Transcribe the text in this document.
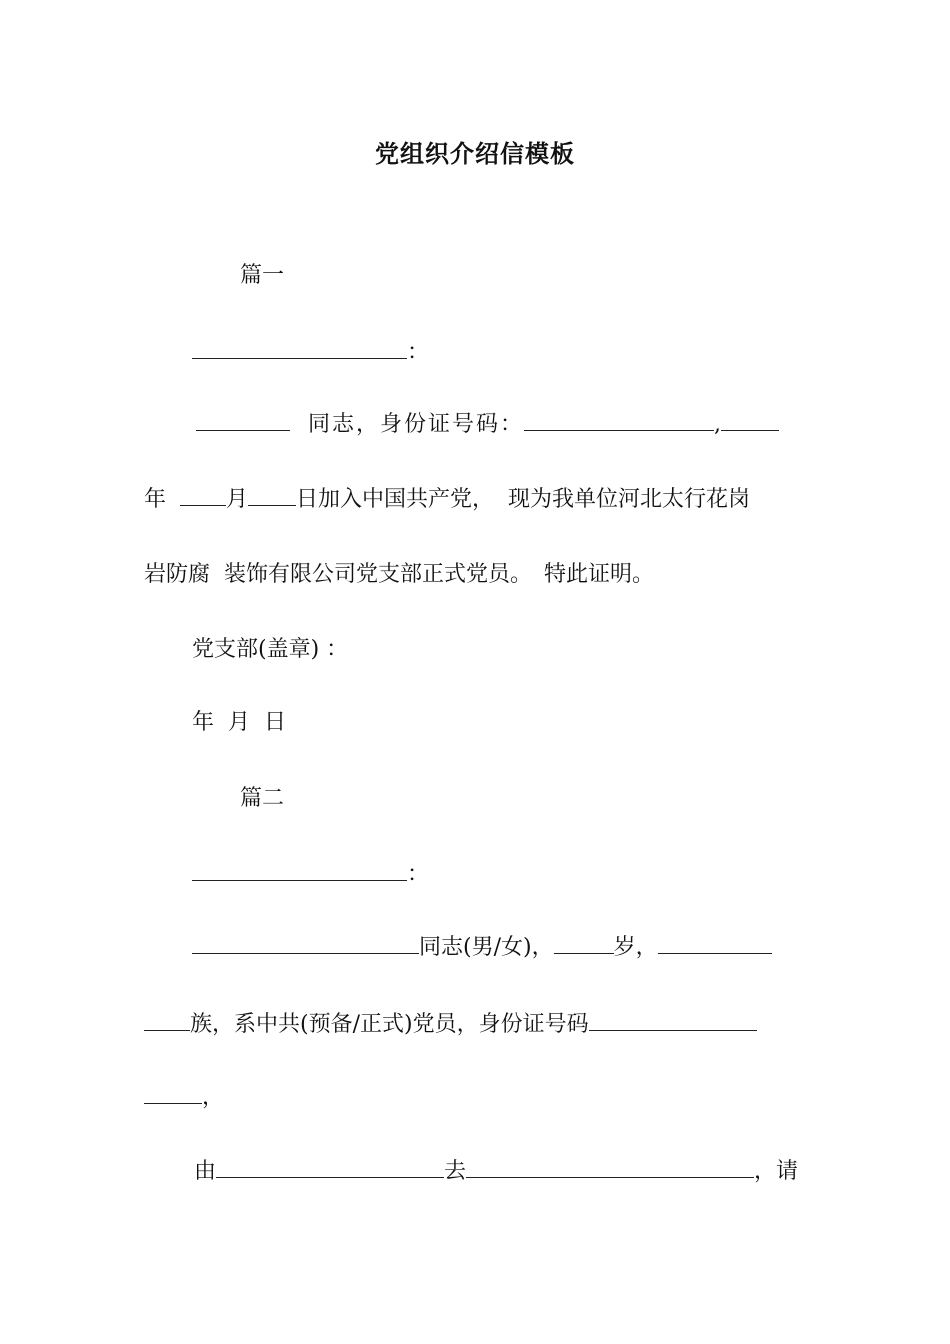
党组织介绍信模板
篇一
：
同志，身份证号码：	,
年	月 日加入中国共产党， 现为我单位河北太行花岗
岩防腐 装饰有限公司党支部正式党员。 特此证明。
党支部(盖章) ：
年 月 日
篇二
：
同志(男/女)，	岁，
族，系中共(预备/正式)党员，身份证号码
，
由	去	，请
